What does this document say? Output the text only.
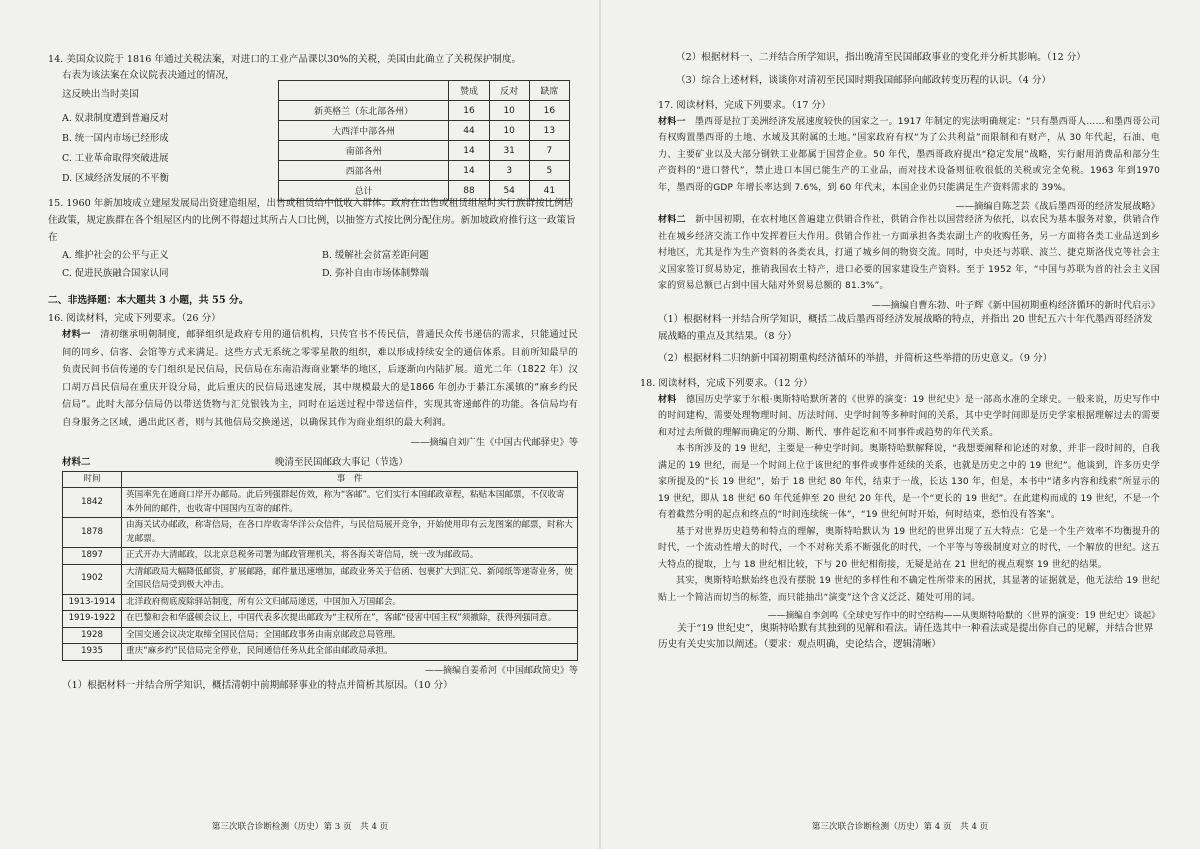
14. 美国众议院于 1816 年通过关税法案，对进口的工业产品课以30%的关税，美国由此确立了关税保护制度。

右表为该法案在众议院表决通过的情况，

这反映出当时美国

A. 奴隶制度遭到普遍反对

B. 统一国内市场已经形成

C. 工业革命取得突破进展

D. 区域经济发展的不平衡

	赞成	反对	缺席
新英格兰（东北部各州）	16	10	16
大西洋中部各州	44	10	13
南部各州	14	31	7
西部各州	14	3	5
总计	88	54	41

15. 1960 年新加坡成立建屋发展局出资建造组屋，出售或租赁给中低收入群体。政府在出售或租赁组屋时实行族群按比例居住政策，规定族群在各个组屋区内的比例不得超过其所占人口比例，以抽签方式按比例分配住房。新加坡政府推行这一政策旨在

A. 维护社会的公平与正义	B. 缓解社会贫富差距问题

C. 促进民族融合国家认同	D. 弥补自由市场体制弊端

二、非选择题：本大题共 3 小题，共 55 分。

16. 阅读材料，完成下列要求。（26 分）

材料一　 清初继承明朝制度，邮驿组织是政府专用的通信机构，只传官书不传民信，普通民众传书递信的需求，只能通过民间的同乡、信客、会馆等方式来满足。这些方式无系统之零零星散的组织，难以形成持续安全的通信体系。目前所知最早的负责民间书信传递的专门组织是民信局，民信局在东南沿海商业繁华的地区，后逐渐向内陆扩展。道光二年（1822 年）汉口胡万昌民信局在重庆开设分局，此后重庆的民信局迅速发展，其中规模最大的是1866 年创办于綦江东溪镇的“麻乡约民信局”。此时大部分信局仍以带送货物与汇兑银钱为主，同时在运送过程中带送信件，实现其寄递邮件的功能。各信局均有自身服务之区域，遇出此区者，则与其他信局交换递送，以确保其作为商业组织的最大利润。

——摘编自刘广生《中国古代邮驿史》等

材料二	晚清至民国邮政大事记（节选）
时间	事　件
1842	英国率先在通商口岸开办邮局。此后列强群起仿效，称为“客邮”。它们实行本国邮政章程，粘贴本国邮票，不仅收寄本外间的邮件，也收寄中国国内互寄的邮件。
1878	由海关试办邮政，称寄信局，在各口岸收寄华洋公众信件，与民信局展开竞争，开始使用印有云龙图案的邮票，时称大龙邮票。
1897	正式开办大清邮政，以北京总税务司署为邮政管理机关，将各海关寄信局，统一改为邮政局。
1902	大清邮政局大幅降低邮资，扩展邮路，邮件量迅速增加，邮政业务关于信函、包裹扩大到汇兑、新闻纸等递寄业务，使全国民信局受到极大冲击。
1913-1914	北洋政府彻底废除驿站制度，所有公文归邮局递送，中国加入万国邮会。
1919-1922	在巴黎和会和华盛顿会议上，中国代表多次提出邮政为“主权所在”，客邮“侵害中国主权”须撤除，获得列强同意。
1928	全国交通会议决定取缔全国民信局；全国邮政事务由南京邮政总局管理。
1935	重庆“麻乡约”民信局完全停业，民间通信任务从此全部由邮政局承担。

——摘编自姜希河《中国邮政简史》等

（1）根据材料一并结合所学知识，概括清朝中前期邮驿事业的特点并简析其原因。（10 分）

第三次联合诊断检测（历史）第 3 页　共 4 页

（2）根据材料一、二并结合所学知识，指出晚清至民国邮政事业的变化并分析其影响。（12 分）

（3）综合上述材料，谈谈你对清初至民国时期我国邮驿向邮政转变历程的认识。（4 分）

17. 阅读材料，完成下列要求。（17 分）

材料一　 墨西哥是拉丁美洲经济发展速度较快的国家之一。1917 年制定的宪法明确规定：“只有墨西哥人……和墨西哥公司有权购置墨西哥的土地、水域及其附属的土地。”国家政府有权“为了公共利益”而限制和有财产，从 30 年代起，石油、电力、主要矿业以及大部分钢铁工业都属于国营企业。50 年代，墨西哥政府提出“稳定发展”战略，实行耐用消费品和部分生产资料的“进口替代”，禁止进口本国已能生产的工业品，而对技术设备则征收很低的关税或完全免税。1963 年到1970 年，墨西哥的GDP 年增长率达到 7.6%，到 60 年代末，本国企业仍只能满足生产资料需求的 39%。

——摘编自陈芝芸《战后墨西哥的经济发展战略》

材料二　 新中国初期，在农村地区普遍建立供销合作社，供销合作社以国营经济为依托，以农民为基本服务对象，供销合作社在城乡经济交流工作中发挥着巨大作用。供销合作社一方面承担各类农副土产的收购任务，另一方面将各类工业品送到乡村地区，尤其是作为生产资料的各类农具，打通了城乡间的物资交流。同时，中央还与苏联、波兰、捷克斯洛伐克等社会主义国家签订贸易协定，推销我国农土特产，进口必要的国家建设生产资料。至于 1952 年，“中国与苏联为首的社会主义国家的贸易总额已占到中国大陆对外贸易总额的 81.3%”。

——摘编自曹东勃、叶子辉《新中国初期重构经济循环的新时代启示》

（1）根据材料一并结合所学知识，概括二战后墨西哥经济发展战略的特点，并指出 20 世纪五六十年代墨西哥经济发展战略的重点及其结果。（8 分）

（2）根据材料二归纳新中国初期重构经济循环的举措，并简析这些举措的历史意义。（9 分）

18. 阅读材料，完成下列要求。（12 分）

材料　 德国历史学家于尔根·奥斯特哈默所著的《世界的演变：19 世纪史》是一部高水准的全球史。一般来说，历史写作中的时间建构，需要处理物理时间、历法时间、史学时间等多种时间的关系，其中史学时间即是历史学家根据理解过去的需要和对过去所做的理解而确定的分期、断代、事件起讫和不同事件或趋势的年代关系。

本书所涉及的 19 世纪，主要是一种史学时间。奥斯特哈默解释说，“我想要阐释和论述的对象，并非一段时间的，自我满足的 19 世纪，而是一个时间上位于该世纪的事件或事件延续的关系，也就是历史之中的 19 世纪”。他谈到，许多历史学家所提及的“长 19 世纪”，始于 18 世纪 80 年代，结束于一战，长达 130 年，但是，本书中“诸多内容和线索”所显示的 19 世纪，即从 18 世纪 60 年代延伸至 20 世纪 20 年代，是一个“更长的 19 世纪”。在此建构而成的 19 世纪，不是一个有着截然分明的起点和终点的“时间连续统一体”，“19 世纪何时开始，何时结束，恐怕没有答案”。

基于对世界历史趋势和特点的理解，奥斯特哈默认为 19 世纪的世界出现了五大特点：它是一个生产效率不均衡提升的时代，一个流动性增大的时代，一个不对称关系不断强化的时代，一个平等与等级制度对立的时代，一个解放的世纪。这五大特点的提取，上与 18 世纪相比较，下与 20 世纪相衔接，无疑是站在 21 世纪的视点观察 19 世纪的结果。

其实，奥斯特哈默始终也没有摆脱 19 世纪的多样性和不确定性所带来的困扰，其显著的证据就是，他无法给 19 世纪贴上一个简洁而切当的标签，而只能抽出“演变”这个含义泛泛、随处可用的词。

——摘编自李剑鸣《全球史写作中的时空结构——从奥斯特哈默的〈世界的演变：19 世纪史〉谈起》

关于“19 世纪史”，奥斯特哈默有其独到的见解和看法。请任选其中一种看法或是提出你自己的见解，并结合世界历史有关史实加以阐述。（要求：观点明确，史论结合，逻辑清晰）

第三次联合诊断检测（历史）第 4 页　共 4 页
